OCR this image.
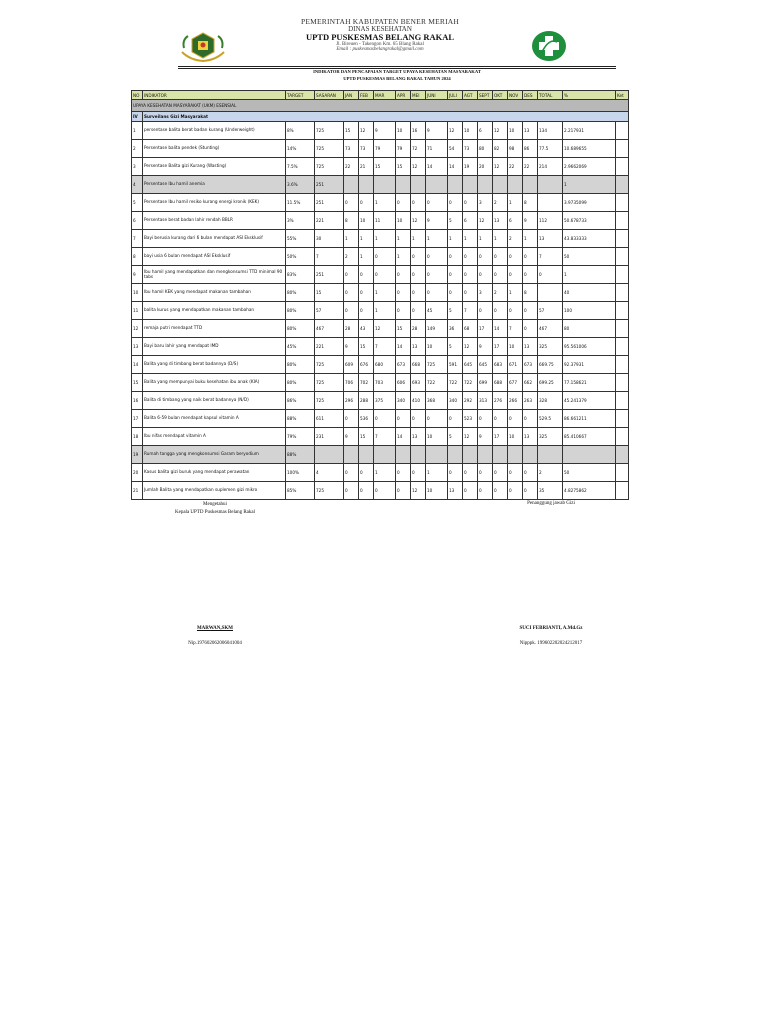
PEMERINTAH KABUPATEN BENER MERIAH
DINAS KESEHATAN
UPTD PUSKESMAS BELANG RAKAL
Jl. Bireuen - Takengon Km. 65 Blang Rakal
Email : puskesmasbelangrakal@gmail.com
INDIKATOR DAN PENCAPAIAN TARGET UPAYA KESEHATAN MASYARAKAT
UPTD PUSKESMAS BELANG RAKAL TAHUN 2024
NO	INDIKATOR	TARGET	SASARAN	JAN	FEB	MAR	APR	MEI	JUNI	JULI	AGT	SEPT	OKT	NOV	DES	TOTAL	%	Ket
UPAYA KESEHATAN MASYARAKAT (UKM) ESENSIAL																		
IV	Surveilans Gizi Masyarakat																	
1	persentase balita berat badan kurang (Underweight)	8%	725	15	12	9	10	16	9	12	10	6	12	10	13	134	2.217931	
2	Persentase balita pendek (Stunting)	14%	725	73	73	79	79	72	71	54	73	80	82	98	86	77.5	10.689655	
3	Persentase Balita gizi Kurang (Wasting)	7.5%	725	22	21	15	15	12	14	14	19	20	12	22	22	214	2.9662069	
4	Persentase Ibu hamil anemia	3.6%	251														1	
5	Persentase Ibu hamil resiko kurang energi kronik (KEK)	11.5%	251	0	0	1	0	0	0	0	0	3	2	1	8		3.9735099	
6	Persentase berat badan lahir rendah BBLR	3%	221	8	10	11	10	12	9	5	6	12	13	6	9	112	50.678733	
7	Bayi berusia kurang dari 6 bulan mendapat ASI Eksklusif	55%	30	1	1	1	1	1	1	1	1	1	1	2	1	13	43.833333	
8	bayi usia 6 bulan mendapat ASI Eksklusif	50%	7	2	1	0	1	0	0	0	0	0	0	0	0	7	50	
9	Ibu hamil yang mendapatkan dan mengkonsumsi TTD minimal 90 tabs	83%	251	0	0	0	0	0	0	0	0	0	0	0	0	0	1	
10	Ibu hamil KEK yang mendapat makanan tambahan	80%	15	0	0	1	0	0	0	0	0	3	2	1	8		40	
11	balita kurus yang mendapatkan makanan tambahan	80%	57	0	0	1	0	0	45	5	7	0	0	0	0	57	100	
12	remaja putri mendapat TTD	80%	467	28	43	12	15	28	149	36	68	17	14	7	0	467	80	
13	Bayi baru lahir yang mendapat IMD	45%	221	9	15	7	14	13	10	5	12	9	17	10	13	325	95.561006	
14	Balita yang di timbang berat badannya (D/S)	80%	725	609	676	680	673	668	725	591	645	645	683	671	673	669.75	92.37931	
15	Balita yang mempunyai buku kesehatan ibu anak (KIA)	80%	725	706	702	703	606	693	722	722	722	699	688	677	662	699.25	77.158621	
16	Balita di timbang yang naik berat badannya (N/D)	86%	725	296	288	375	340	410	368	340	292	313	276	266	263	328	45.241379	
17	Balita 6-59 bulan mendapat kapsul vitamin A	88%	611	0	536	0	0	0	0	0	523	0	0	0	0	529.5	86.661211	
18	Ibu nifas mendapat vitamin A	79%	231	9	15	7	14	13	10	5	12	9	17	10	13	325	85.410667	
19	Rumah tangga yang mengkonsumsi Garam beryodium	88%																
20	Kasus balita gizi buruk yang mendapat perawatan	100%	4	0	0	1	0	0	1	0	0	0	0	0	0	2	50	
21	Jumlah Balita yang mendapatkan suplemen gizi mikro	85%	725	0	0	0	0	12	10	13	0	0	0	0	0	35	4.8275862	
Mengetahui
Kepala UPTD Puskesmas Belang Rakal
Penanggung jawab Gizi
MARWAN,SKM
Nip.197602062006041004
SUCI FEBRIANTI, A.Md.Gz
Nipppk. 199602202024212017
